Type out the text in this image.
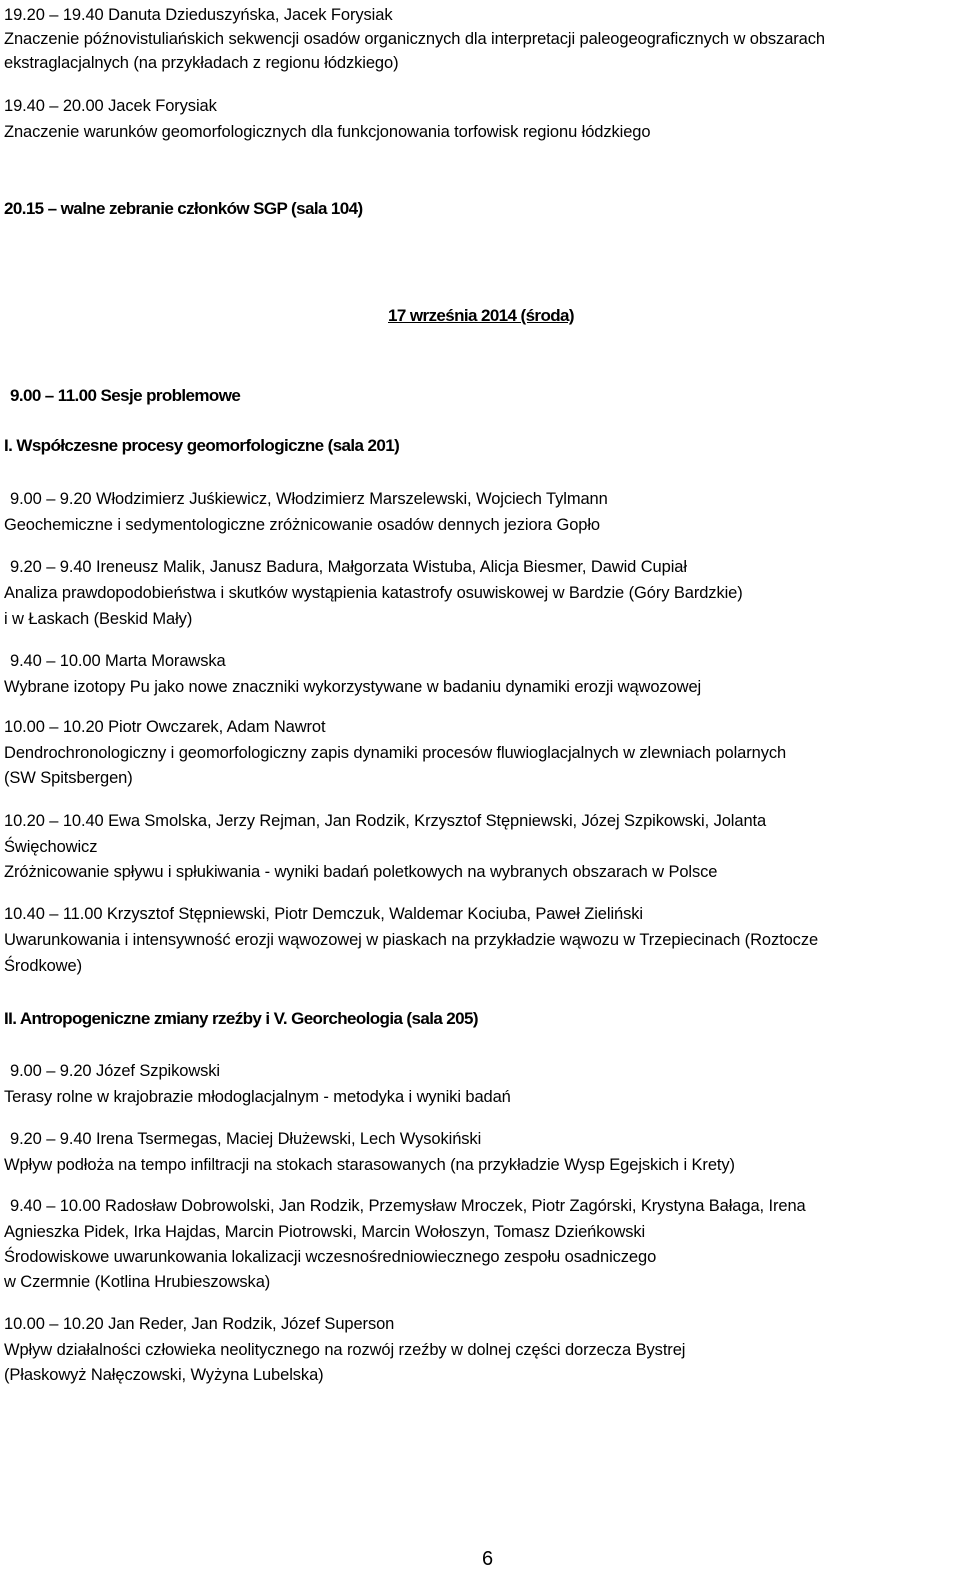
19.20 – 19.40 Danuta Dzieduszyńska, Jacek Forysiak
Znaczenie późnovistuliańskich sekwencji osadów organicznych dla interpretacji paleogeograficznych w obszarach
ekstraglacjalnych (na przykładach z regionu łódzkiego)
19.40 – 20.00 Jacek Forysiak
Znaczenie warunków geomorfologicznych dla funkcjonowania torfowisk regionu łódzkiego
20.15 – walne zebranie członków SGP (sala 104)
17 września 2014 (środa)
9.00 – 11.00 Sesje problemowe
I. Współczesne procesy geomorfologiczne (sala 201)
9.00 – 9.20 Włodzimierz Juśkiewicz, Włodzimierz Marszelewski, Wojciech Tylmann
Geochemiczne i sedymentologiczne zróżnicowanie osadów dennych jeziora Gopło
9.20 – 9.40 Ireneusz Malik, Janusz Badura, Małgorzata Wistuba, Alicja Biesmer, Dawid Cupiał
Analiza prawdopodobieństwa i skutków wystąpienia katastrofy osuwiskowej w Bardzie (Góry Bardzkie)
i w Łaskach (Beskid Mały)
9.40 – 10.00 Marta Morawska
Wybrane izotopy Pu jako nowe znaczniki wykorzystywane w badaniu dynamiki erozji wąwozowej
10.00 – 10.20 Piotr Owczarek, Adam Nawrot
Dendrochronologiczny i geomorfologiczny zapis dynamiki procesów fluwioglacjalnych w zlewniach polarnych
(SW Spitsbergen)
10.20 – 10.40 Ewa Smolska, Jerzy Rejman, Jan Rodzik, Krzysztof Stępniewski, Józej Szpikowski, Jolanta
Święchowicz
Zróżnicowanie spływu i spłukiwania - wyniki badań poletkowych na wybranych obszarach w Polsce
10.40 – 11.00 Krzysztof Stępniewski, Piotr Demczuk, Waldemar Kociuba, Paweł Zieliński
Uwarunkowania i intensywność erozji wąwozowej w piaskach na przykładzie wąwozu w Trzepiecinach (Roztocze
Środkowe)
II. Antropogeniczne zmiany rzeźby i V. Georcheologia (sala 205)
9.00 – 9.20 Józef Szpikowski
Terasy rolne w krajobrazie młodoglacjalnym - metodyka i wyniki badań
9.20 – 9.40 Irena Tsermegas, Maciej Dłużewski, Lech Wysokiński
Wpływ podłoża na tempo infiltracji na stokach starasowanych (na przykładzie Wysp Egejskich i Krety)
9.40 – 10.00 Radosław Dobrowolski, Jan Rodzik, Przemysław Mroczek, Piotr Zagórski, Krystyna Bałaga, Irena
Agnieszka Pidek, Irka Hajdas, Marcin Piotrowski, Marcin Wołoszyn, Tomasz Dzieńkowski
Środowiskowe uwarunkowania lokalizacji wczesnośredniowiecznego zespołu osadniczego
w Czermnie (Kotlina Hrubieszowska)
10.00 – 10.20 Jan Reder, Jan Rodzik, Józef Superson
Wpływ działalności człowieka neolitycznego na rozwój rzeźby w dolnej części dorzecza Bystrej
(Płaskowyż Nałęczowski, Wyżyna Lubelska)
6
